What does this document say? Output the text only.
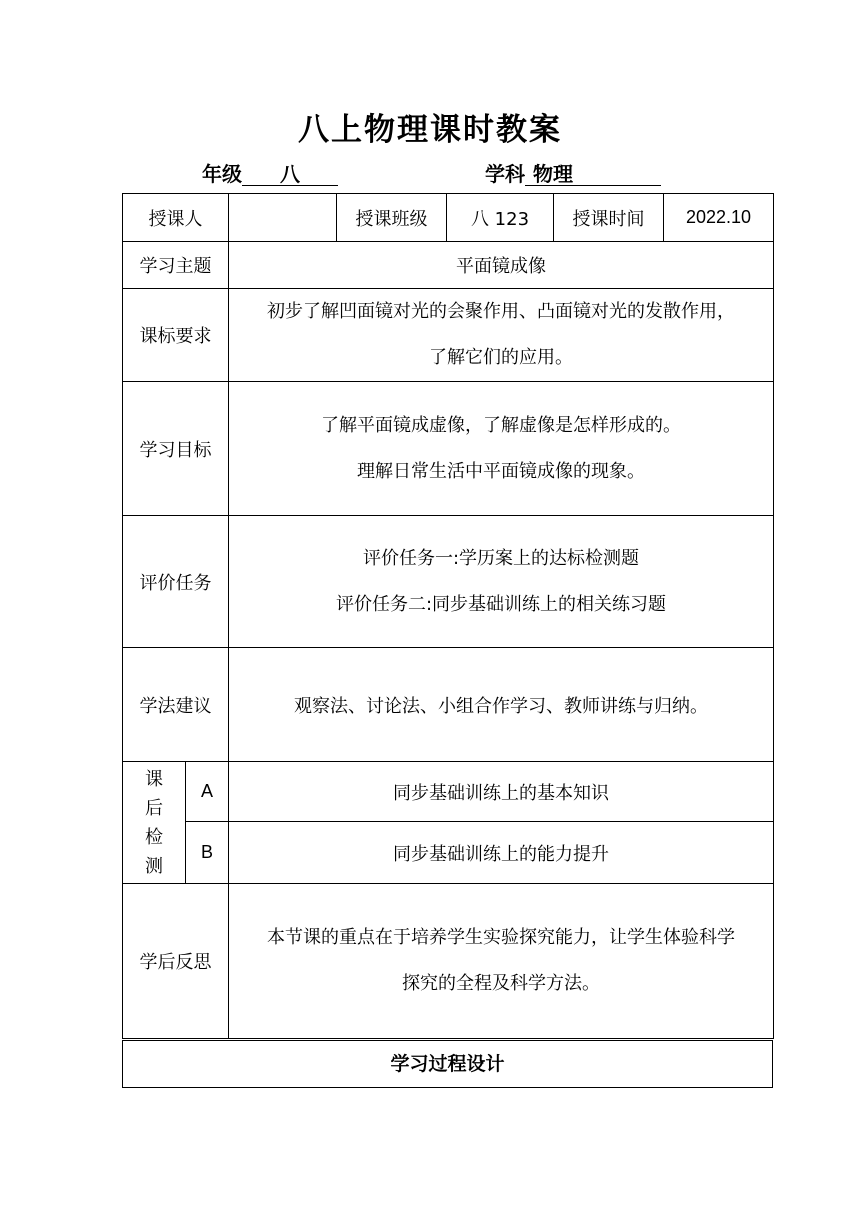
八上物理课时教案
年级 八	学科 物理
授课人			授课班级	八 123	授课时间	2022.10
学习主题		平面镜成像				
课标要求		初步了解凹面镜对光的会聚作用、凸面镜对光的发散作用，
了解它们的应用。				

学习目标		了解平面镜成虚像，了解虚像是怎样形成的。
理解日常生活中平面镜成像的现象。				

评价任务		评价任务一:学历案上的达标检测题
评价任务二:同步基础训练上的相关练习题				

学法建议		观察法、讨论法、小组合作学习、教师讲练与归纳。				

课
后
检
测	A	同步基础训练上的基本知识				
	B	同步基础训练上的能力提升				
学后反思		本节课的重点在于培养学生实验探究能力，让学生体验科学
探究的全程及科学方法。				
学习过程设计
